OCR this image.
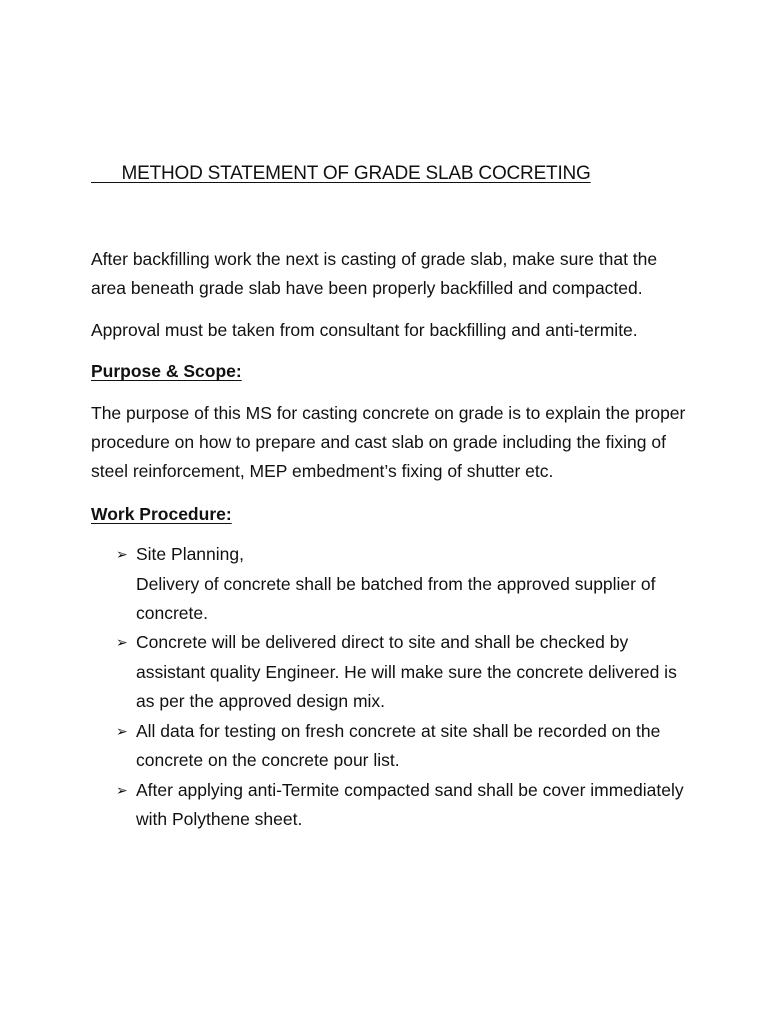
METHOD STATEMENT OF GRADE SLAB COCRETING

After backfilling work the next is casting of grade slab, make sure that the area beneath grade slab have been properly backfilled and compacted.

Approval must be taken from consultant for backfilling and anti-termite.

Purpose & Scope:

The purpose of this MS for casting concrete on grade is to explain the proper procedure on how to prepare and cast slab on grade including the fixing of steel reinforcement, MEP embedment’s fixing of shutter etc.

Work Procedure:

➢ Site Planning,
Delivery of concrete shall be batched from the approved supplier of concrete.
➢ Concrete will be delivered direct to site and shall be checked by assistant quality Engineer. He will make sure the concrete delivered is as per the approved design mix.
➢ All data for testing on fresh concrete at site shall be recorded on the concrete on the concrete pour list.
➢ After applying anti-Termite compacted sand shall be cover immediately with Polythene sheet.
